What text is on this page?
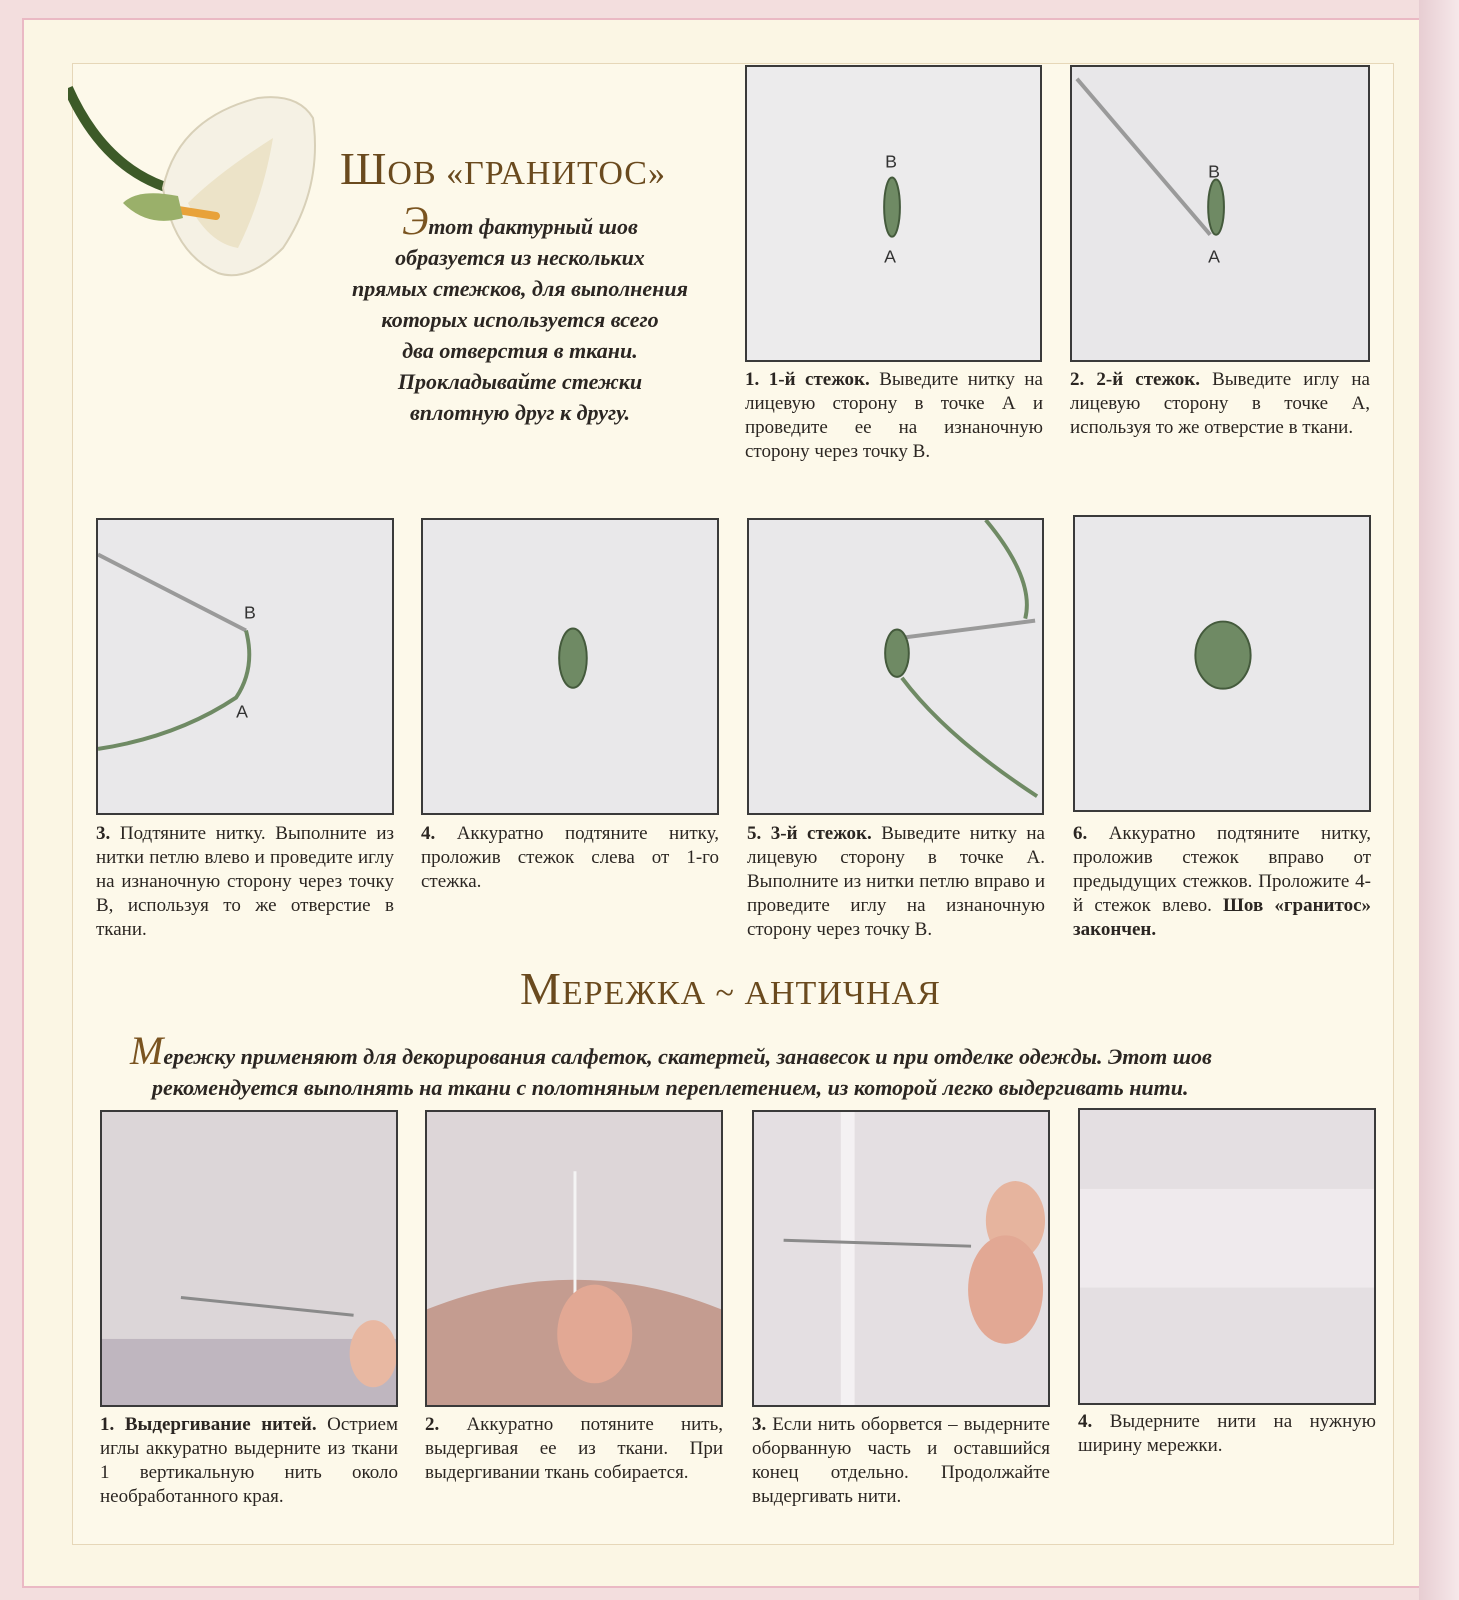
ШОВ «ГРАНИТОС»
Этот фактурный шов
образуется из нескольких
прямых стежков, для выполнения
которых используется всего
два отверстия в ткани.
Прокладывайте стежки
вплотную друг к другу.
B
A
B
A
1. 1-й стежок. Выведите нитку на лицевую сторону в точке А и проведите ее на изнаночную сторону через точку В.
2. 2-й стежок. Выведите иглу на лицевую сторону в точке А, используя то же отверстие в ткани.
B
A
3. Подтяните нитку. Выполните из нитки петлю влево и проведите иглу на изнаночную сторону через точку В, используя то же отверстие в ткани.
4. Аккуратно подтяните нитку, проложив стежок слева от 1-го стежка.
5. 3-й стежок. Выведите нитку на лицевую сторону в точке А. Выполните из нитки петлю вправо и проведите иглу на изнаночную сторону через точку В.
6. Аккуратно подтяните нитку, проложив стежок вправо от предыдущих стежков. Проложите 4-й стежок влево. Шов «гранитос» закончен.
МЕРЕЖКА ~ АНТИЧНАЯ
Мережку применяют для декорирования салфеток, скатертей, занавесок и при отделке одежды. Этот шов
рекомендуется выполнять на ткани с полотняным переплетением, из которой легко выдергивать нити.
1. Выдергивание нитей. Острием иглы аккуратно выдерните из ткани 1 вертикальную нить около необработанного края.
2. Аккуратно потяните нить, выдергивая ее из ткани. При выдергивании ткань собирается.
3. Если нить оборвется – выдерните оборванную часть и оставшийся конец отдельно. Продолжайте выдергивать нити.
4. Выдерните нити на нужную ширину мережки.
